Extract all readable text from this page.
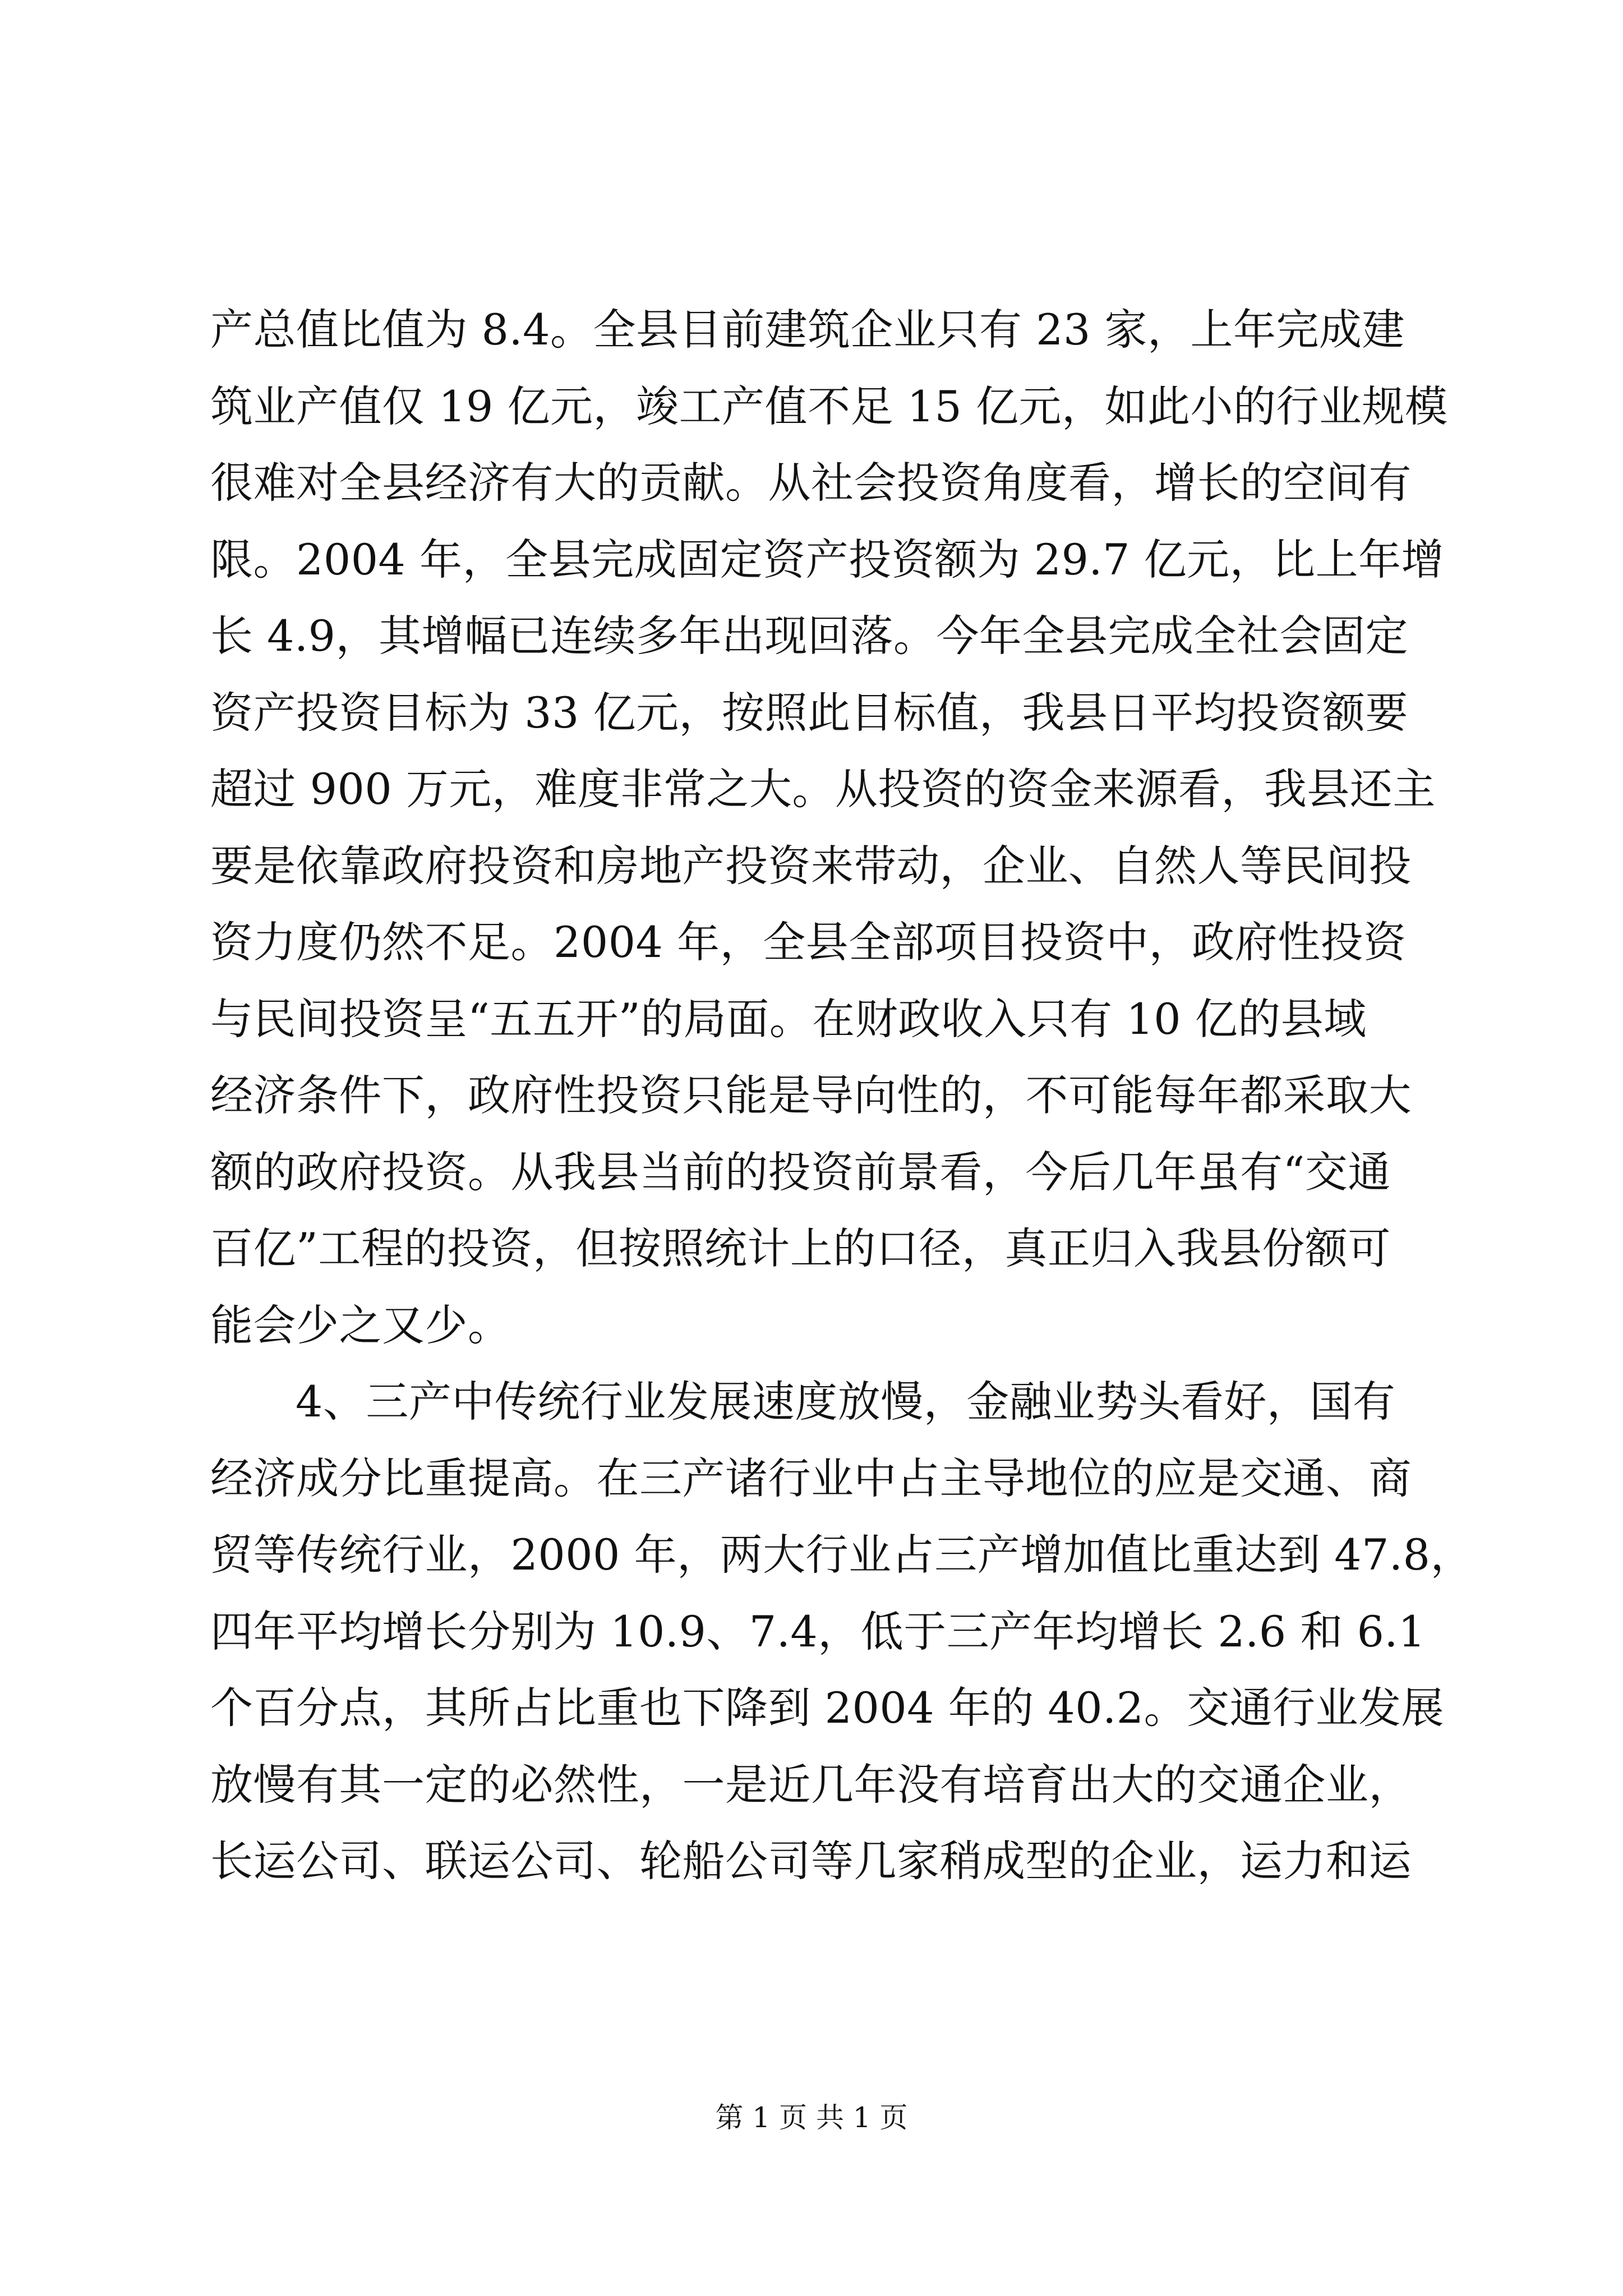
产总值比值为 8.4。全县目前建筑企业只有 23 家，上年完成建
筑业产值仅 19 亿元，竣工产值不足 15 亿元，如此小的行业规模
很难对全县经济有大的贡献。从社会投资角度看，增长的空间有
限。2004 年，全县完成固定资产投资额为 29.7 亿元，比上年增
长 4.9，其增幅已连续多年出现回落。今年全县完成全社会固定
资产投资目标为 33 亿元，按照此目标值，我县日平均投资额要
超过 900 万元，难度非常之大。从投资的资金来源看，我县还主
要是依靠政府投资和房地产投资来带动，企业、自然人等民间投
资力度仍然不足。2004 年，全县全部项目投资中，政府性投资
与民间投资呈“五五开”的局面。在财政收入只有 10 亿的县域
经济条件下，政府性投资只能是导向性的，不可能每年都采取大
额的政府投资。从我县当前的投资前景看，今后几年虽有“交通
百亿”工程的投资，但按照统计上的口径，真正归入我县份额可
能会少之又少。
4、三产中传统行业发展速度放慢，金融业势头看好，国有
经济成分比重提高。在三产诸行业中占主导地位的应是交通、商
贸等传统行业，2000 年，两大行业占三产增加值比重达到 47.8，
四年平均增长分别为 10.9、7.4，低于三产年均增长 2.6 和 6.1
个百分点，其所占比重也下降到 2004 年的 40.2。交通行业发展
放慢有其一定的必然性，一是近几年没有培育出大的交通企业，
长运公司、联运公司、轮船公司等几家稍成型的企业，运力和运
第 1 页 共 1 页
